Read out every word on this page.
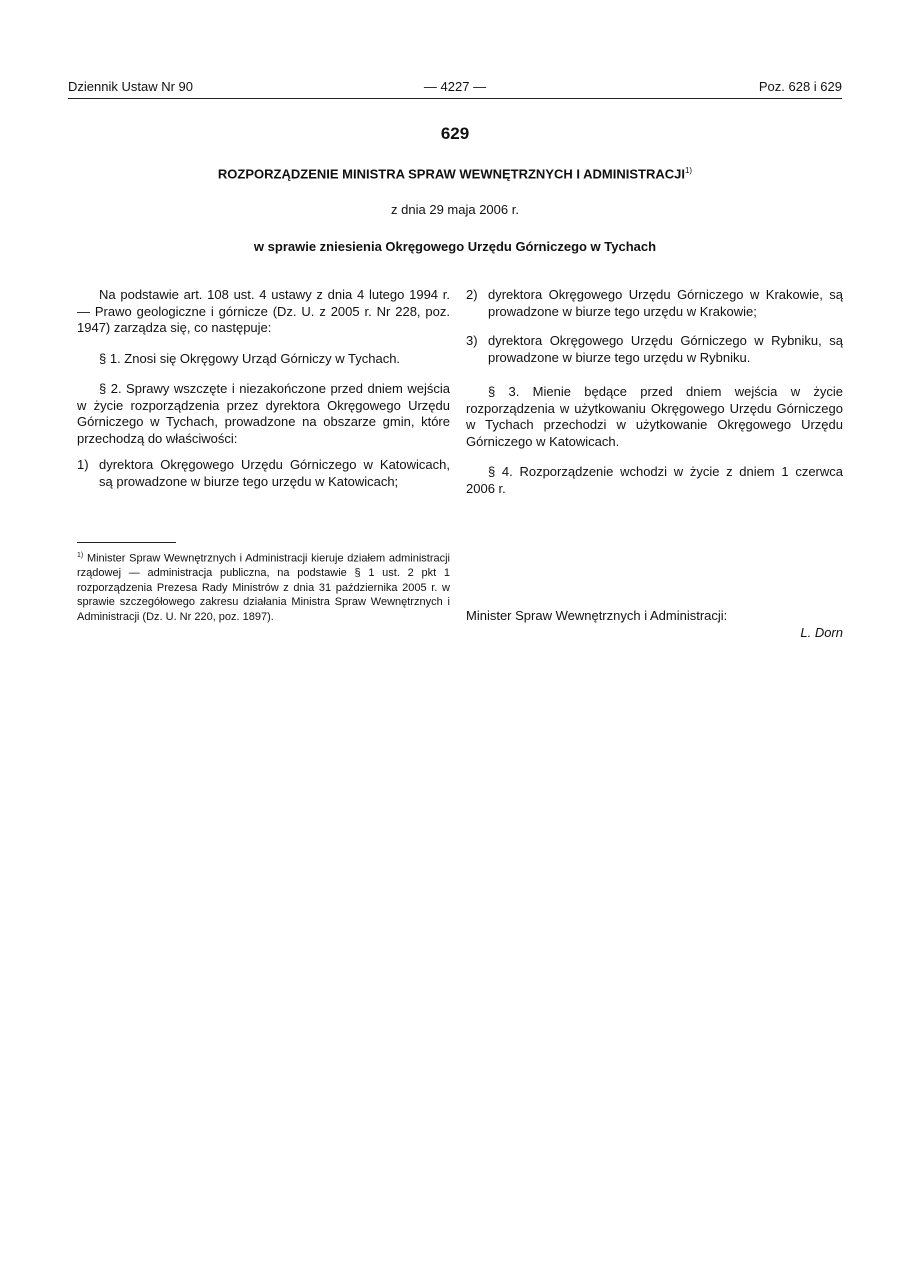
— 4227 —
Dziennik Ustaw Nr 90	Poz. 628 i 629
629
ROZPORZĄDZENIE MINISTRA SPRAW WEWNĘTRZNYCH I ADMINISTRACJI$^{1)}$
z dnia 29 maja 2006 r.
w sprawie zniesienia Okręgowego Urzędu Górniczego w Tychach

Na podstawie art. 108 ust. 4 ustawy z dnia 4 lutego 1994 r. — Prawo geologiczne i górnicze (Dz. U. z 2005 r. Nr 228, poz. 1947) zarządza się, co następuje:

§ 1. Znosi się Okręgowy Urząd Górniczy w Tychach.

§ 2. Sprawy wszczęte i niezakończone przed dniem wejścia w życie rozporządzenia przez dyrektora Okręgowego Urzędu Górniczego w Tychach, prowadzone na obszarze gmin, które przechodzą do właściwości:

1) dyrektora Okręgowego Urzędu Górniczego w Katowicach, są prowadzone w biurze tego urzędu w Katowicach;
$^{1)}$ Minister Spraw Wewnętrznych i Administracji kieruje działem administracji rządowej — administracja publiczna, na podstawie § 1 ust. 2 pkt 1 rozporządzenia Prezesa Rady Ministrów z dnia 31 października 2005 r. w sprawie szczegółowego zakresu działania Ministra Spraw Wewnętrznych i Administracji (Dz. U. Nr 220, poz. 1897).
2) dyrektora Okręgowego Urzędu Górniczego w Krakowie, są prowadzone w biurze tego urzędu w Krakowie;
3) dyrektora Okręgowego Urzędu Górniczego w Rybniku, są prowadzone w biurze tego urzędu w Rybniku.

§ 3. Mienie będące przed dniem wejścia w życie rozporządzenia w użytkowaniu Okręgowego Urzędu Górniczego w Tychach przechodzi w użytkowanie Okręgowego Urzędu Górniczego w Katowicach.

§ 4. Rozporządzenie wchodzi w życie z dniem 1 czerwca 2006 r.

Minister Spraw Wewnętrznych i Administracji:
L. Dorn
